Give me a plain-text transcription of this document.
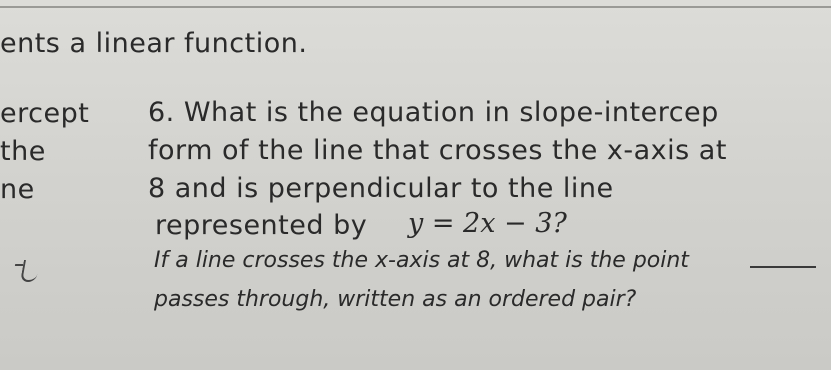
ents a linear function.
ercept
the
ne
6. What is the equation in slope-intercep
form of the line that crosses the x-axis at
8 and is perpendicular to the line
represented by y = 2x − 3?
If a line crosses the x-axis at 8, what is the point
passes through, written as an ordered pair?
